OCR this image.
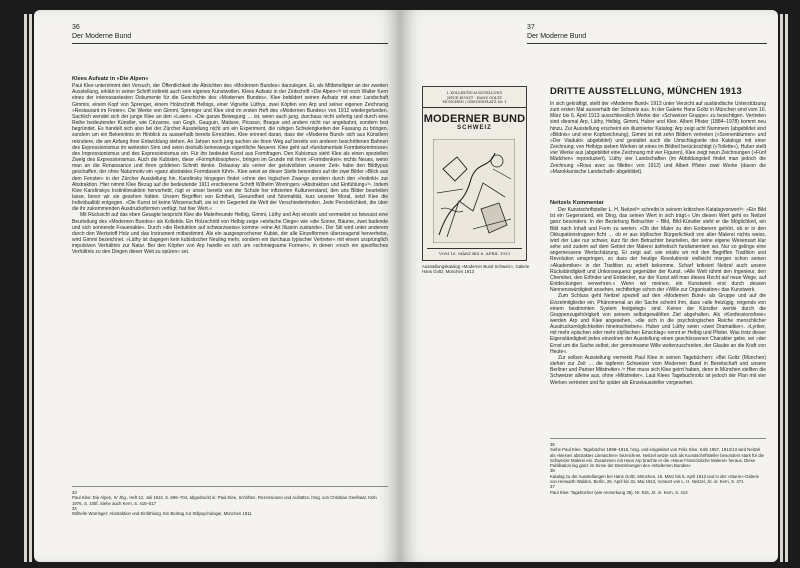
36
Der Moderne Bund
Klees Aufsatz in »Die Alpen«

Paul Klee unternimmt den Versuch, der Öffentlichkeit die Absichten des »Modernen Bundes« darzulegen. Er, als Mitbeteiligter an der zweiten Ausstellung, erklärt in seiner Schrift indirekt auch sein eigenes Kunstwollen. Klees Aufsatz in der Zeitschrift »Die Alpen«³³ ist noch Walter Kern eines der interessantesten Dokumente für die Geschichte des »Modernen Bundes«. Klee bebildert seinen Aufsatz mit einer Landschaft Gimmis, einem Kopf von Sprenger, einem Holzschnitt Helbigs, einer Vignette Lüthys, zwei Köpfen von Arp und seiner eigenen Zeichnung »Restaurant im Freien«. Die Werke von Gimmi, Sprenger und Klee sind im ersten Heft des »Modernen Bundes« von 1912 wiedergefunden. Sachlich wendet sich der junge Klee an den »Laien«. »Die ganze Bewegung … ist, wenn auch jung, durchaus nicht unfertig und durch eine Reihe bedeutender Künstler, wie Cézanne, van Gogh, Gauguin, Matisse, Picasso, Braque und andere nicht nur angebahnt, sondern fest begründet. Es handelt sich also bei der Zürcher Ausstellung nicht um ein Experiment, die ruhigen Schwierigkeiten der Fassung zu bringen, sondern um ein Bekenntnis im Hinblick zu ausserhalb bereits Erreichtes. Klee erinnert daran, dass der »Moderne Bund« sich aus Künstlern rekrutiere, die am Anfang ihrer Entwicklung stehen. An Jahren noch jung suchen sie ihren Weg auf bereits von anderen beschrittenen Bahnen des Expressionismus im weitesten Sinn und seien deshalb keineswegs eigentliche Neuerer. Klee geht auf »fundamentale Formbekenntnisse« des Impressionismus und des Expressionismus ein. Für ihn bedeutet Kunst aus Formfragen. Den Kubismus sieht Klee als einen speziellen Zweig des Expressionismus. Auch die Kubisten, diese »Formphilosophen«, bringen im Grunde mit ihren »Formdenken« nichts Neues, wenn man an die Renaissance und ihren goldenen Schnitt denke. Delaunay als »einer der geistvollsten unserer Zeit« habe den Bildtypus geschaffen, der ohne Naturmotiv ein »ganz abstraktes Formdasein führt«. Klee weist an dieser Stelle besonders auf die zwei Bilder »Blick aus dem Fenster« in der Zürcher Ausstellung hin. Kandinsky hingegen findet »ohne den logischen Zwang« sondern durch den »Instinkt« zur Abstraktion. Hier nimmt Klee Bezug auf die bedeutende 1911 erschienene Schrift Wilhelm Worringers »Abstraktion und Einfühlung«³⁴. Indem Klee Kandinskys Instinktreaktion hervorhebt, rügt er unser bereits von der Schule her infizierten Kulturverstand, den uns Bilder beurteilen lasse, bevor wir sie gesehen hätten. Unsern Begriffen von Echtheit, Gesundheit und Normalität, kurz unserer Moral, setzt Klee die Individualität entgegen. »Die Kunst ist keine Wissenschaft, sie ist im Gegenteil die Welt der Verschiedenheiten. Jede Persönlichkeit, die über die ihr zukommenden Ausdrucksformen verfügt, hat hier Wert.«

Mit Rücksicht auf das eben Gesagte bespricht Klee die Malerfreunde Helbig, Gimmi, Lüthy und Arp einzeln und vermeidet so bewusst eine Beurteilung des »Modernen Bundes« als Kollektiv. Ein Holzschnitt von Helbig zeige »einfache Dinge« wie »die Sonne, Bäume, zwei badende und sich sonnende Frauenakte«. Durch »die Reduktion auf schwarzweiss« komme »eine Art Illusion zustande«. Der Stil wird unter anderem durch den Werkstoff Holz und das Instrument mitbestimmt. Als ein ausgesprochener Kubist, der alle Einzelformen überzeugend herverhebe, wird Gimmi bezeichnet. »Lüthy ist dagegen kein kubistischer Neuling mehr, sondern ein durchaus typischer Vertreter« mit einem ursprünglich impulsiven Verhältnis zur Natur. Bei den Köpfen von Arp handle es sich um »schmiegsame Formen«, in denen »noch ein spezifisches Verhältnis zu den Dingen dieser Welt zu spüren« sei.

33
Paul Klee: Die Alpen, IV Jhg., Heft 12, Juli 1912, S. 696–704, abgedruckt in: Paul Klee, Schriften, Rezensionen und Aufsätze, hrsg. von Christian Geelhaar, Köln 1976, S. 105f. Siehe auch Kern, S. 415–517
34
Wilhelm Worringer: Abstraktion und Einfühlung. Ein Beitrag zur Stilpsychologie, München 1911
37
Der Moderne Bund
I. KOLLEKTIV-AUSSTELLUNG
NEUE KUNST · HANS GOLTZ
MÜNCHEN / ODEONSPLATZ Nr. 1
MODERNER BUND
SCHWEIZ
VOM 16. MÄRZ BIS 6. APRIL 1913
Ausstellungskatalog »Moderner Bund Schweiz«, Galerie Hans Goltz, München 1913
DRITTE AUSSTELLUNG, MÜNCHEN 1913

In sich gekräftigt, stellt der »Moderne Bund« 1913 unter Verzicht auf ausländische Unterstützung zum ersten Mal ausserhalb der Schweiz aus. In der Galerie Hans Goltz in München sind vom 16. März bis 6. April 1913 ausschliesslich Werke der »Schweizer Gruppe« zu besichtigen. Vertreten sind diesmal Arp, Lüthy, Helbig, Gimmi, Huber und Klee. Albert Pfister (1884–1978) kommt neu hinzu. Zur Ausstellung erscheint ein illustrierter Katalog: Arp zeigt acht Nummern (abgebildet sind »Bildnis« und eine Kopfzeichnung), Gimmi ist mit zehn Bildern vertreten (»Sonnenblumen« und »Der Viadukt« abgebildet) und gestaltet auch die Umschlagseite des Katalogs mit einer Zeichnung; von Helbigs sieben Werken ist eines im Bildteil berücksichtigt (»Toilette«), Huber stellt vier Werke aus (abgebildet eine Zeichnung mit vier Figuren), Klee zeigt neun Zeichnungen (»Fünf Mädchen« reproduziert), Lüthy vier Landschaften (im Abbildungsteil findet man jedoch die Zeichnung »Rosa avec sa fillette« von 1912) und Albert Pfister zwei Werke (davon die »Marokkanische Landschaft« abgebildet).

Neitzels Kommentar

Der Kunstschriftsteller L. H. Neitzel³⁵ schreibt in seinem kritischen Katalogvorwort³⁶: »Ein Bild ist ein Gegenstand, ein Ding, das seinen Wert in sich trägt.« Um diesen Wert geht es Neitzel ganz besonders. In der Beziehung Betrachter – Bild, Bild-Künstler sieht er die Möglichkeit, ein Bild nach Inhalt und Form zu werten. »Ob der Maler zu den Eroberern gehört, ob er in den Okkupationstruppen ficht … ob er aus idyllischer Bürgerlichkeit von alter Malerei nichts weiss, wird der Laie nur schwer, kurz für den Betrachter beurteilen, der seine eigene Wesensart klar sehe und zudem auf dem Gebiet der Malerei ästhetisch fundamentiert sei. Nur so gelinge eine angemessene Wertschätzung. Er zeigt auf, wie relativ wir mit den Begriffen Tradition und Revolution umspringen, so dass der heutige Revolutionär vielleicht morgen schon seinen »Akademiker« in der Tradition zu ertieft bekomme. Scharf kritisiert Neitzel auch unsere Rückständigkeit und Unkonsequenz gegenüber der Kunst. »Alle Welt rühmt den Ingenieur, den Chemiker, den Erfinder und Entdecker, nur der Kunst will man dieses Recht auf neue Wege, auf Entdeckungen verwehren.« Wenn wir meinen, ein Kunstwerk erst durch dessen Nennenswürdigkeit ansehen, rechtfertige schon der »Wille zur Organisation« das Kunstwerk.

Zum Schluss geht Neitzel speziell auf den »Modernen Bund« als Gruppe und auf die Einzelmitglieder ein. Phänomenal an der Sache scheint ihm, dass »alle freizügig, nirgends von einem bestimmten System festgelegt« sind. Keiner der Künstler werde durch die Gruppenzugehörigkeit von seinem selbstgewählten Ziel abgehalten. Als »Konfessionsfreie« werden Arp und Klee angesehen, »die sich in die psychologischen Reiche menschlicher Ausdrucksmöglichkeiten hineinschieben«. Huber und Lüthy seien »zwei Dramatiker«. »Lyriker, mit mehr epischen oder mehr idyllischen Einschlag« nennt er Helbig und Pfister. Was trotz dieser Eigenständigkeit jedes einzelnen der Ausstellung einen geschlossenen Charakter gebe, sei »der Ernst um die Sache selbst, der gemeinsame Wille weiterzuschreiten, der Glaube an die Kraft von Heute«.

Zur selben Ausstellung vermerkt Paul Klee in seinen Tagebüchern: »Bei Goltz (München) stehen zur Zeit … die tapferen Schweizer vom Modernen Bund in Bereitschaft und unsere Berliner und Pariser Mitstreiter«.³⁷ Hier muss sich Klee geirrt haben, denn in München stellten die Schweizer alleine aus, ohne »Mitstreiter«. Laut Klees Tagebuchnotiz ist jedoch der Plan mit vier Werken vertreten und für später als Einzelaussteller vorgesehen.

35
Siehe Paul Klee, Tagebücher 1898–1918, hrsg. und eingeleitet von Felix Klee, Köln 1957, 1912/13 wird Neitzel als »kleines abstraktes Literatchen« bezeichnet. Neitzel setzte sich als Kunstschriftsteller besonders stark für die Schweizer Malerei ein. Zusammen mit Hans Arp brachte er die »Neue Französische Malerei« heraus. Diese Publikation lag ganz im Sinne der Bestrebungen des »Modernen Bundes«
36
Katalog zu der Ausstellungen bei Hans Goltz, München, 16. März bis 6. April 1913 und in der »Sturm«-Galerie von Herwarth Walden, Berlin, 26. April bis 31. Mai 1913, Vorwort von L. H. Neitzel, zit. in: Kern, S. 471
37
Paul Klee: Tagebücher (wie Anmerkung 35), Nr. 915, zit. in: Kern, S. 413
